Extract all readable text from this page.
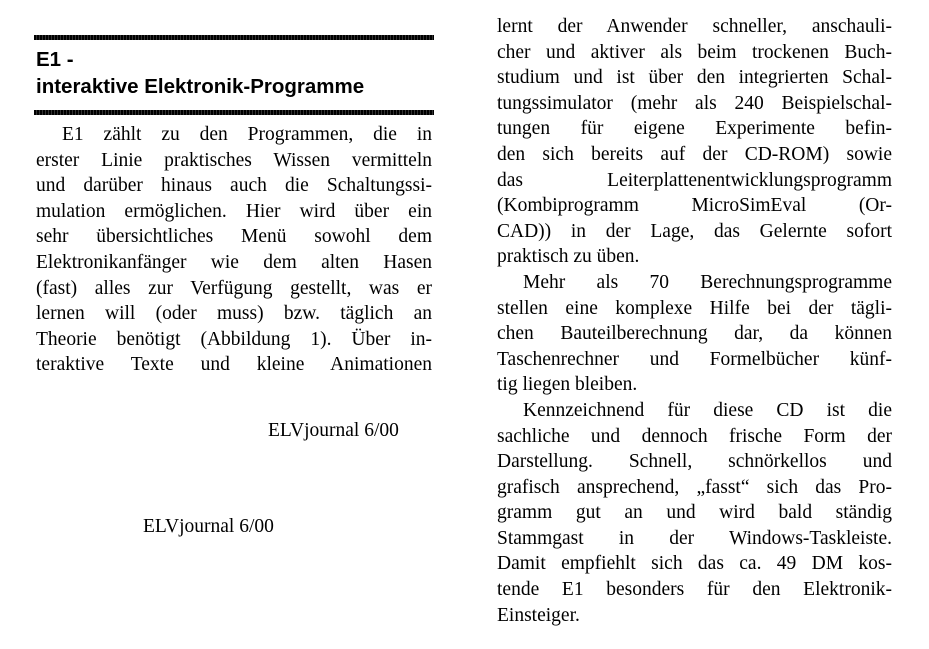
E1 -
interaktive Elektronik-Programme
E1 zählt zu den Programmen, die in
erster Linie praktisches Wissen vermitteln
und darüber hinaus auch die Schaltungssi-
mulation ermöglichen. Hier wird über ein
sehr übersichtliches Menü sowohl dem
Elektronikanfänger wie dem alten Hasen
(fast) alles zur Verfügung gestellt, was er
lernen will (oder muss) bzw. täglich an
Theorie benötigt (Abbildung 1). Über in-
teraktive Texte und kleine Animationen
ELVjournal 6/00
ELVjournal 6/00
lernt der Anwender schneller, anschauli-
cher und aktiver als beim trockenen Buch-
studium und ist über den integrierten Schal-
tungssimulator (mehr als 240 Beispielschal-
tungen für eigene Experimente befin-
den sich bereits auf der CD-ROM) sowie
das Leiterplattenentwicklungsprogramm
(Kombiprogramm MicroSimEval (Or-
CAD)) in der Lage, das Gelernte sofort
praktisch zu üben.
Mehr als 70 Berechnungsprogramme
stellen eine komplexe Hilfe bei der tägli-
chen Bauteilberechnung dar, da können
Taschenrechner und Formelbücher künf-
tig liegen bleiben.
Kennzeichnend für diese CD ist die
sachliche und dennoch frische Form der
Darstellung. Schnell, schnörkellos und
grafisch ansprechend, „fasst“ sich das Pro-
gramm gut an und wird bald ständig
Stammgast in der Windows-Taskleiste.
Damit empfiehlt sich das ca. 49 DM kos-
tende E1 besonders für den Elektronik-
Einsteiger.
